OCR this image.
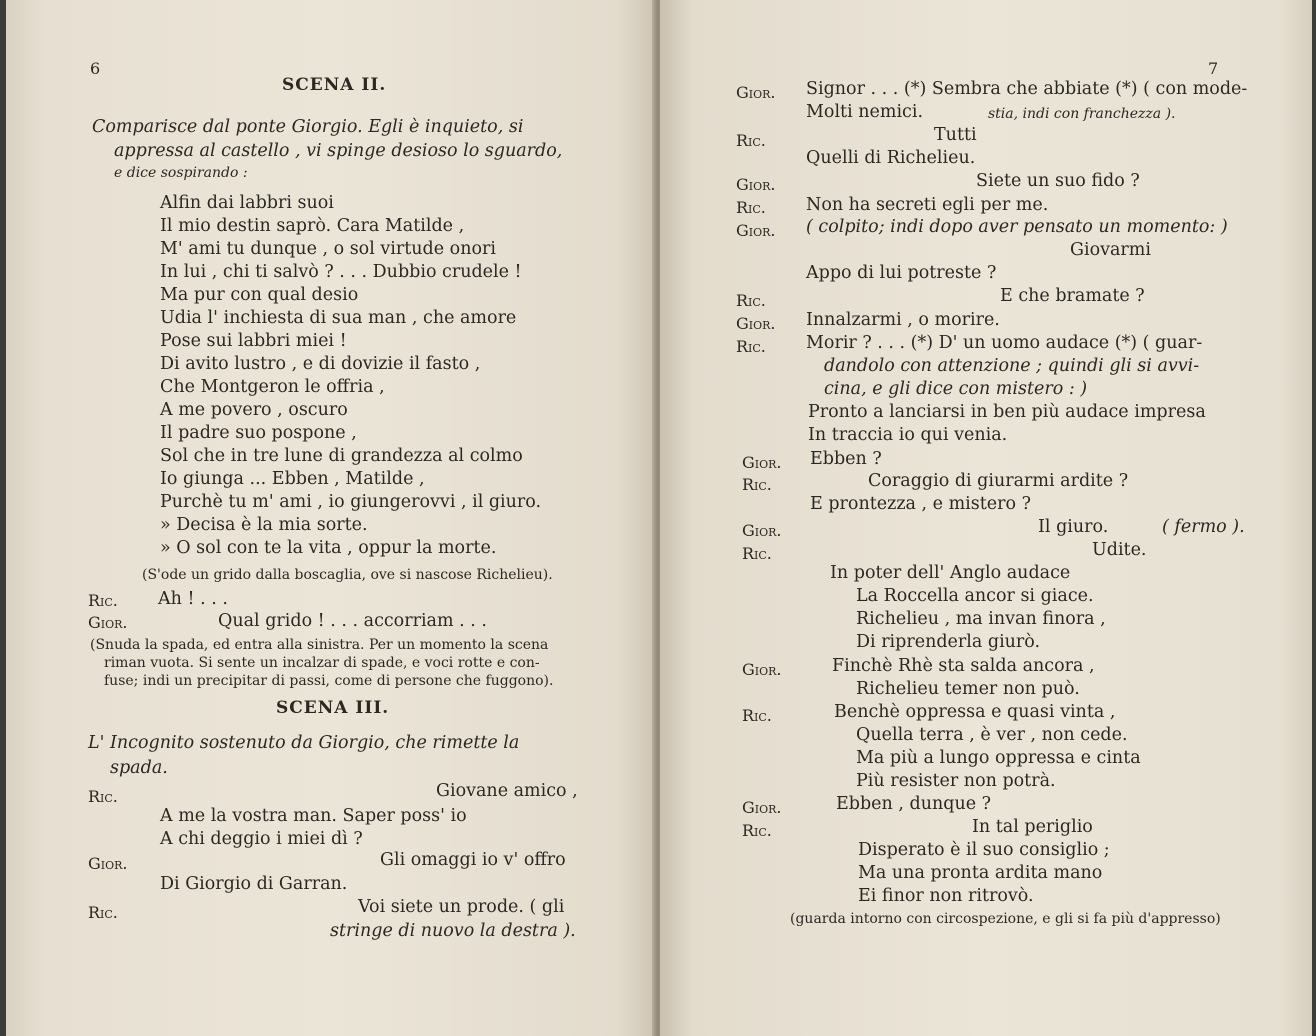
6
SCENA II.
Comparisce dal ponte Giorgio. Egli è inquieto, si
appressa al castello , vi spinge desioso lo sguardo,
e dice sospirando :
Alfin dai labbri suoi
Il mio destin saprò. Cara Matilde ,
M' ami tu dunque , o sol virtude onori
In lui , chi ti salvò ? . . . Dubbio crudele !
Ma pur con qual desio
Udia l' inchiesta di sua man , che amore
Pose sui labbri miei !
Di avito lustro , e di dovizie il fasto ,
Che Montgeron le offria ,
A me povero , oscuro
Il padre suo pospone ,
Sol che in tre lune di grandezza al colmo
Io giunga ... Ebben , Matilde ,
Purchè tu m' ami , io giungerovvi , il giuro.
» Decisa è la mia sorte.
» O sol con te la vita , oppur la morte.
(S'ode un grido dalla boscaglia, ove si nascose Richelieu).
Ric. Ah ! . . .
Gior.	Qual grido ! . . . accorriam . . .
(Snuda la spada, ed entra alla sinistra. Per un momento la scena
riman vuota. Si sente un incalzar di spade, e voci rotte e con-
fuse; indi un precipitar di passi, come di persone che fuggono).
SCENA III.
L' Incognito sostenuto da Giorgio, che rimette la
spada.
Ric.	Giovane amico ,
A me la vostra man. Saper poss' io
A chi deggio i miei dì ?
Gior.	Gli omaggi io v' offro
Di Giorgio di Garran.
Ric.	Voi siete un prode. ( gli
stringe di nuovo la destra ).
7
Gior. Signor . . . (*) Sembra che abbiate (*) ( con mode-
Molti nemici.	stia, indi con franchezza ).
Ric.	Tutti
Quelli di Richelieu.
Gior.	Siete un suo fido ?
Ric. Non ha secreti egli per me.
Gior. ( colpito; indi dopo aver pensato un momento: )
Giovarmi
Appo di lui potreste ?
Ric.	E che bramate ?
Gior. Innalzarmi , o morire.
Ric. Morir ? . . . (*) D' un uomo audace (*) ( guar-
dandolo con attenzione ; quindi gli si avvi-
cina, e gli dice con mistero : )
Pronto a lanciarsi in ben più audace impresa
In traccia io qui venia.
Gior. Ebben ?
Ric.	Coraggio di giurarmi ardite ?
E prontezza , e mistero ?
Gior.	Il giuro.	( fermo ).
Ric.	Udite.
In poter dell' Anglo audace
La Roccella ancor si giace.
Richelieu , ma invan finora ,
Di riprenderla giurò.
Gior.	Finchè Rhè sta salda ancora ,
Richelieu temer non può.
Ric.	Benchè oppressa e quasi vinta ,
Quella terra , è ver , non cede.
Ma più a lungo oppressa e cinta
Più resister non potrà.
Gior.	Ebben , dunque ?
Ric.	In tal periglio
Disperato è il suo consiglio ;
Ma una pronta ardita mano
Ei finor non ritrovò.
(guarda intorno con circospezione, e gli si fa più d'appresso)
